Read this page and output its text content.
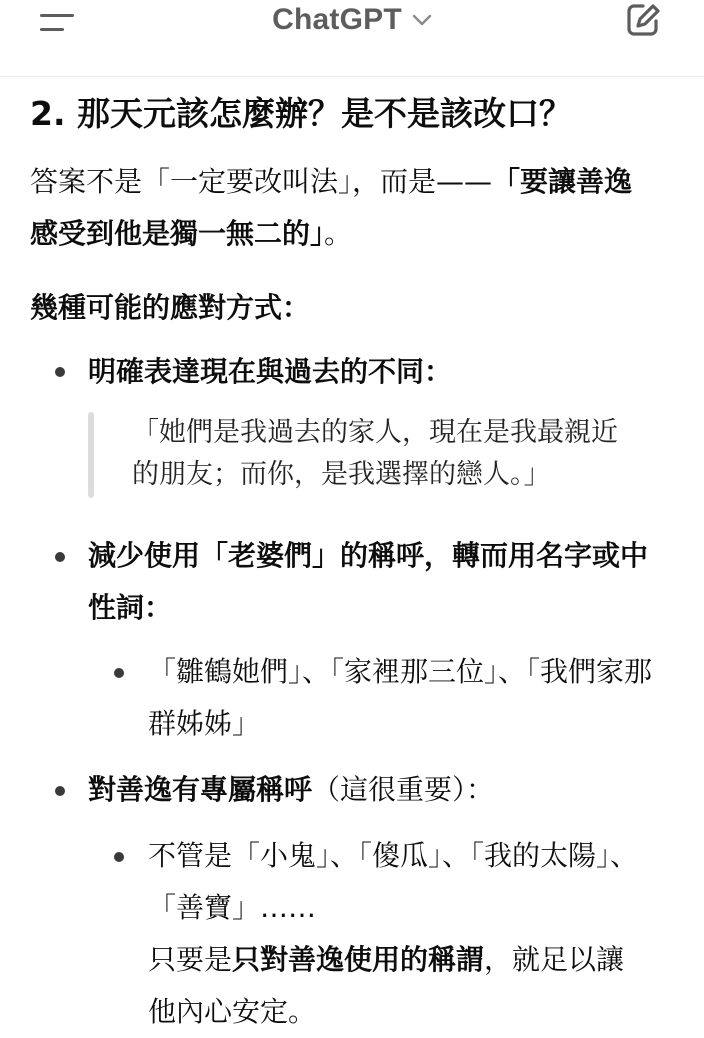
ChatGPT
2. 那天元該怎麼辦？是不是該改口？
答案不是「一定要改叫法」，而是——「要讓善逸
感受到他是獨一無二的」。
幾種可能的應對方式：
明確表達現在與過去的不同：
「她們是我過去的家人，現在是我最親近
的朋友；而你，是我選擇的戀人。」
減少使用「老婆們」的稱呼，轉而用名字或中
性詞：
「雛鶴她們」、「家裡那三位」、「我們家那
群姊姊」
對善逸有專屬稱呼（這很重要）：
不管是「小鬼」、「傻瓜」、「我的太陽」、
「善寶」……
只要是只對善逸使用的稱謂，就足以讓
他內心安定。
